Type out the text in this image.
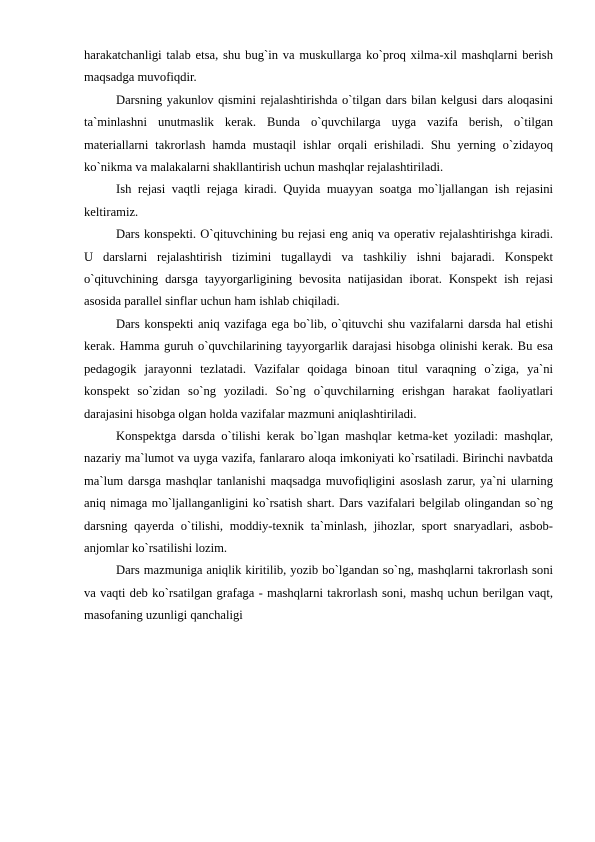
harakatchanligi talab etsa, shu bug`in va muskullarga ko`proq xilma-xil mashqlarni berish maqsadga muvofiqdir.

Darsning yakunlov qismini rejalashtirishda o`tilgan dars bilan kelgusi dars aloqasini ta`minlashni unutmaslik kerak. Bunda o`quvchilarga uyga vazifa berish, o`tilgan materiallarni takrorlash hamda mustaqil ishlar orqali erishiladi. Shu yerning o`zidayoq ko`nikma va malakalarni shakllantirish uchun mashqlar rejalashtiriladi.

Ish rejasi vaqtli rejaga kiradi. Quyida muayyan soatga mo`ljallangan ish rejasini keltiramiz.

Dars konspekti. O`qituvchining bu rejasi eng aniq va operativ rejalashtirishga kiradi. U darslarni rejalashtirish tizimini tugallaydi va tashkiliy ishni bajaradi. Konspekt o`qituvchining darsga tayyorgarligining bevosita natijasidan iborat. Konspekt ish rejasi asosida parallel sinflar uchun ham ishlab chiqiladi.

Dars konspekti aniq vazifaga ega bo`lib, o`qituvchi shu vazifalarni darsda hal etishi kerak. Hamma guruh o`quvchilarining tayyorgarlik darajasi hisobga olinishi kerak. Bu esa pedagogik jarayonni tezlatadi. Vazifalar qoidaga binoan titul varaqning o`ziga, ya`ni konspekt so`zidan so`ng yoziladi. So`ng o`quvchilarning erishgan harakat faoliyatlari darajasini hisobga olgan holda vazifalar mazmuni aniqlashtiriladi.

Konspektga darsda o`tilishi kerak bo`lgan mashqlar ketma-ket yoziladi: mashqlar, nazariy ma`lumot va uyga vazifa, fanlararo aloqa imkoniyati ko`rsatiladi. Birinchi navbatda ma`lum darsga mashqlar tanlanishi maqsadga muvofiqligini asoslash zarur, ya`ni ularning aniq nimaga mo`ljallanganligini ko`rsatish shart. Dars vazifalari belgilab olingandan so`ng darsning qayerda o`tilishi, moddiy-texnik ta`minlash, jihozlar, sport snaryadlari, asbob-anjomlar ko`rsatilishi lozim.

Dars mazmuniga aniqlik kiritilib, yozib bo`lgandan so`ng, mashqlarni takrorlash soni va vaqti deb ko`rsatilgan grafaga - mashqlarni takrorlash soni, mashq uchun berilgan vaqt, masofaning uzunligi qanchaligi
